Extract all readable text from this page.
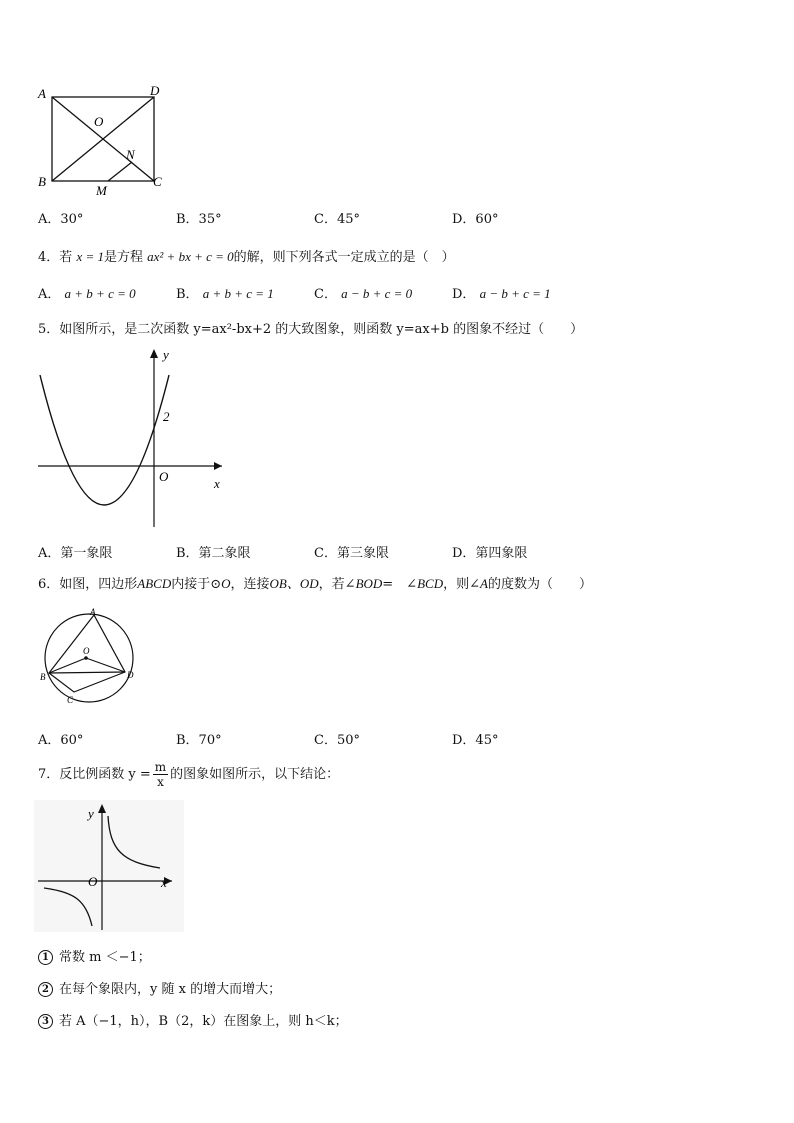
A	D
B	C
O
N
M
A．30°	B．35°	C．45°	D．60°
4．若 x = 1是方程 ax² + bx + c = 0的解，则下列各式一定成立的是（　）
A． a + b + c = 0	B． a + b + c = 1	C． a − b + c = 0	D． a − b + c = 1
5．如图所示，是二次函数 y=ax²-bx+2 的大致图象，则函数 y=ax+b 的图象不经过（　　）
y
x
O
2
A．第一象限	B．第二象限	C．第三象限	D．第四象限
6．如图，四边形ABCD内接于⊙O，连接OB、OD，若∠BOD=　∠BCD，则∠A的度数为（　　）
A
B
C
D
O
A．60°	B．70°	C．50°	D．45°
7．反比例函数 $y = \frac{m}{x}$ 的图象如图所示，以下结论：
y
x
O
1 常数 m ＜−1；
2 在每个象限内，y 随 x 的增大而增大；
3 若 A（−1，h），B（2，k）在图象上，则 h＜k；
